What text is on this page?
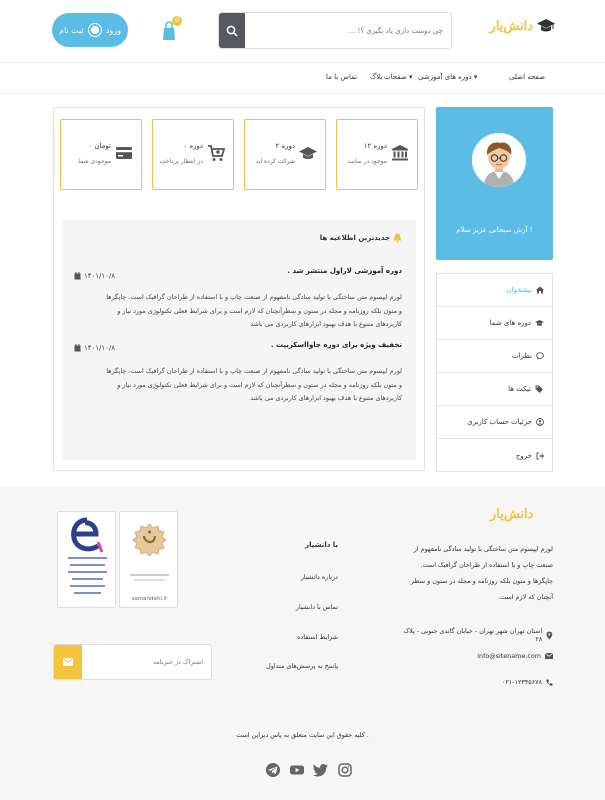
ثبت نام	ورود
0
چی دوست داری یاد بگیری ؟! ...	دانش‌یار
صفحه اصلی
دوره های آموزشی ▾
صفحات ▾
بلاگ
تماس با ما
آرش سبحانی عزیز سلام !
پیشخوان
دوره های شما
نظرات
تیکت ها
جزئیات حساب کاربری
خروج
۱۲ دوره
موجود در سایت
۲ دوره
شرکت کرده اید
۰ دوره
در انتظار پرداخت
۰ تومان
موجودی شما
جدیدترین اطلاعیه ها
دوره آموزشی لاراول منتشر شد .
۱۴۰۱/۱۰/۸
لورم ایپسوم متن ساختگی با تولید سادگی نامفهوم از صنعت چاپ و با استفاده از طراحان گرافیک است. چاپگرها و متون بلکه روزنامه و مجله در ستون و سطرآنچنان که لازم است و برای شرایط فعلی تکنولوژی مورد نیاز و کاربردهای متنوع با هدف بهبود ابزارهای کاربردی می باشد
تخفیف ویژه برای دوره جاوااسکریپت .
۱۴۰۱/۱۰/۸
لورم ایپسوم متن ساختگی با تولید سادگی نامفهوم از صنعت چاپ و با استفاده از طراحان گرافیک است. چاپگرها و متون بلکه روزنامه و مجله در ستون و سطرآنچنان که لازم است و برای شرایط فعلی تکنولوژی مورد نیاز و کاربردهای متنوع با هدف بهبود ابزارهای کاربردی می باشد
دانش‌یار
لورم ایپسوم متن ساختگی با تولید سادگی نامفهوم از صنعت چاپ و با استفاده از طراحان گرافیک است. چاپگرها و متون بلکه روزنامه و مجله در ستون و سطر آنچنان که لازم است.
استان تهران شهر تهران - خیابان گاندی جنوبی - پلاک ۲۸
info@sitename.com
۰۲۱-۱۲۳۴۵۶۷۸
با دانشیار
درباره دانشیار
تماس با دانشیار
شرایط استفاده
پاسخ به پرسش‌های متداول
samandehi.ir
اشتراک در خبرنامه
کلیه حقوق این سایت متعلق به پاس دیزاین است .
